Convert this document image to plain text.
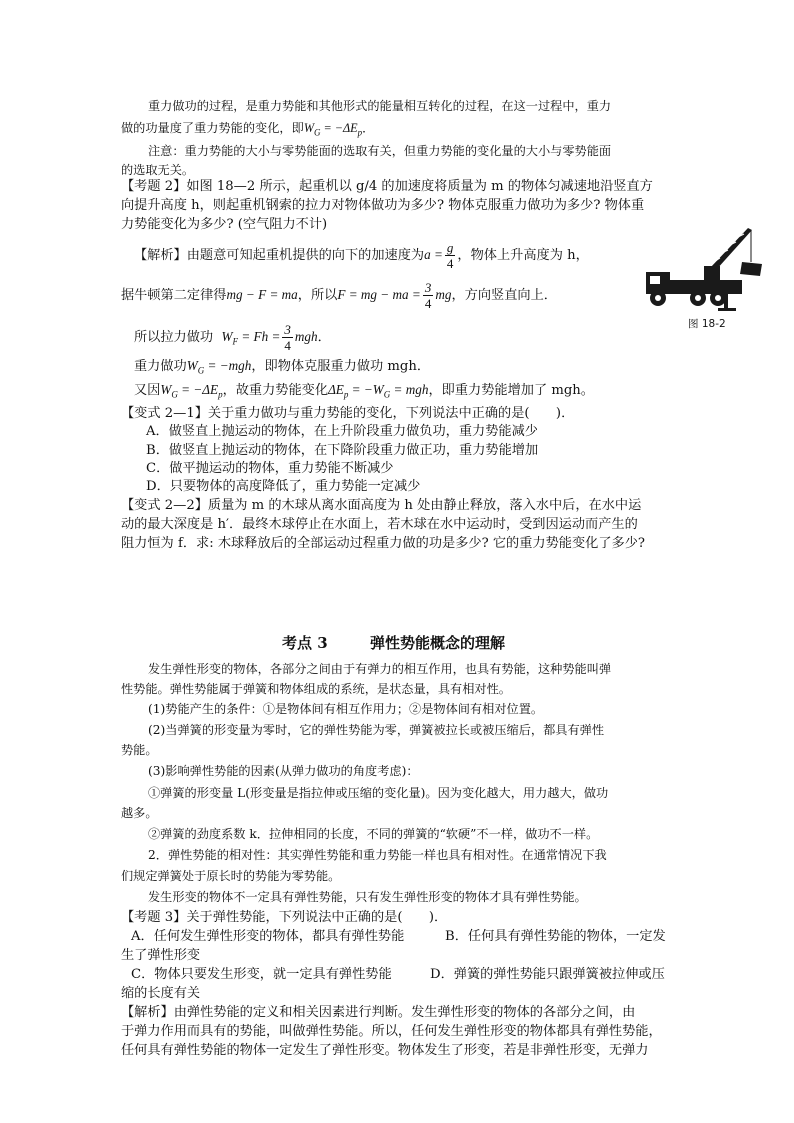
重力做功的过程，是重力势能和其他形式的能量相互转化的过程，在这一过程中，重力
做的功量度了重力势能的变化，即$W_G = -\Delta E_p$．
注意：重力势能的大小与零势能面的选取有关，但重力势能的变化量的大小与零势能面
的选取无关。
【考题 2】如图 18—2 所示，起重机以 g/4 的加速度将质量为 m 的物体匀减速地沿竖直方
向提升高度 h，则起重机钢索的拉力对物体做功为多少? 物体克服重力做功为多少? 物体重
力势能变化为多少? (空气阻力不计)
【解析】由题意可知起重机提供的向下的加速度为$a = \frac{g}{4}$ ，物体上升高度为 h，
据牛顿第二定律得mg − F = ma，所以F = mg − ma = $\frac{3}{4}$ mg，方向竖直向上．
所以拉力做功 $W_F = Fh = \frac{3}{4}$ mgh．
重力做功$W_G = -mgh$，即物体克服重力做功 mgh．
又因$W_G = -\Delta E_p$，故重力势能变化$\Delta E_p = -W_G$ = mgh，即重力势能增加了 mgh。
图 18-2
【变式 2—1】关于重力做功与重力势能的变化，下列说法中正确的是(　　)．
A．做竖直上抛运动的物体，在上升阶段重力做负功，重力势能减少
B．做竖直上抛运动的物体，在下降阶段重力做正功，重力势能增加
C．做平抛运动的物体，重力势能不断减少
D．只要物体的高度降低了，重力势能一定减少
【变式 2—2】质量为 m 的木球从离水面高度为 h 处由静止释放，落入水中后，在水中运
动的最大深度是 h′．最终木球停止在水面上，若木球在水中运动时，受到因运动而产生的
阻力恒为 f．求: 木球释放后的全部运动过程重力做的功是多少? 它的重力势能变化了多少?
考点 3	弹性势能概念的理解
发生弹性形变的物体，各部分之间由于有弹力的相互作用，也具有势能，这种势能叫弹
性势能。弹性势能属于弹簧和物体组成的系统，是状态量，具有相对性。
(1)势能产生的条件：①是物体间有相互作用力；②是物体间有相对位置。
(2)当弹簧的形变量为零时，它的弹性势能为零，弹簧被拉长或被压缩后，都具有弹性
势能。
(3)影响弹性势能的因素(从弹力做功的角度考虑)：
①弹簧的形变量 L(形变量是指拉伸或压缩的变化量)。因为变化越大，用力越大，做功
越多。
②弹簧的劲度系数 k．拉伸相同的长度，不同的弹簧的“软硬”不一样，做功不一样。
2．弹性势能的相对性：其实弹性势能和重力势能一样也具有相对性。在通常情况下我
们规定弹簧处于原长时的势能为零势能。
发生形变的物体不一定具有弹性势能，只有发生弹性形变的物体才具有弹性势能。
【考题 3】关于弹性势能，下列说法中正确的是(　　)．
A．任何发生弹性形变的物体，都具有弹性势能	B．任何具有弹性势能的物体，一定发
生了弹性形变
C．物体只要发生形变，就一定具有弹性势能	D．弹簧的弹性势能只跟弹簧被拉伸或压
缩的长度有关
【解析】由弹性势能的定义和相关因素进行判断。发生弹性形变的物体的各部分之间，由
于弹力作用而具有的势能，叫做弹性势能。所以，任何发生弹性形变的物体都具有弹性势能，
任何具有弹性势能的物体一定发生了弹性形变。物体发生了形变，若是非弹性形变，无弹力
